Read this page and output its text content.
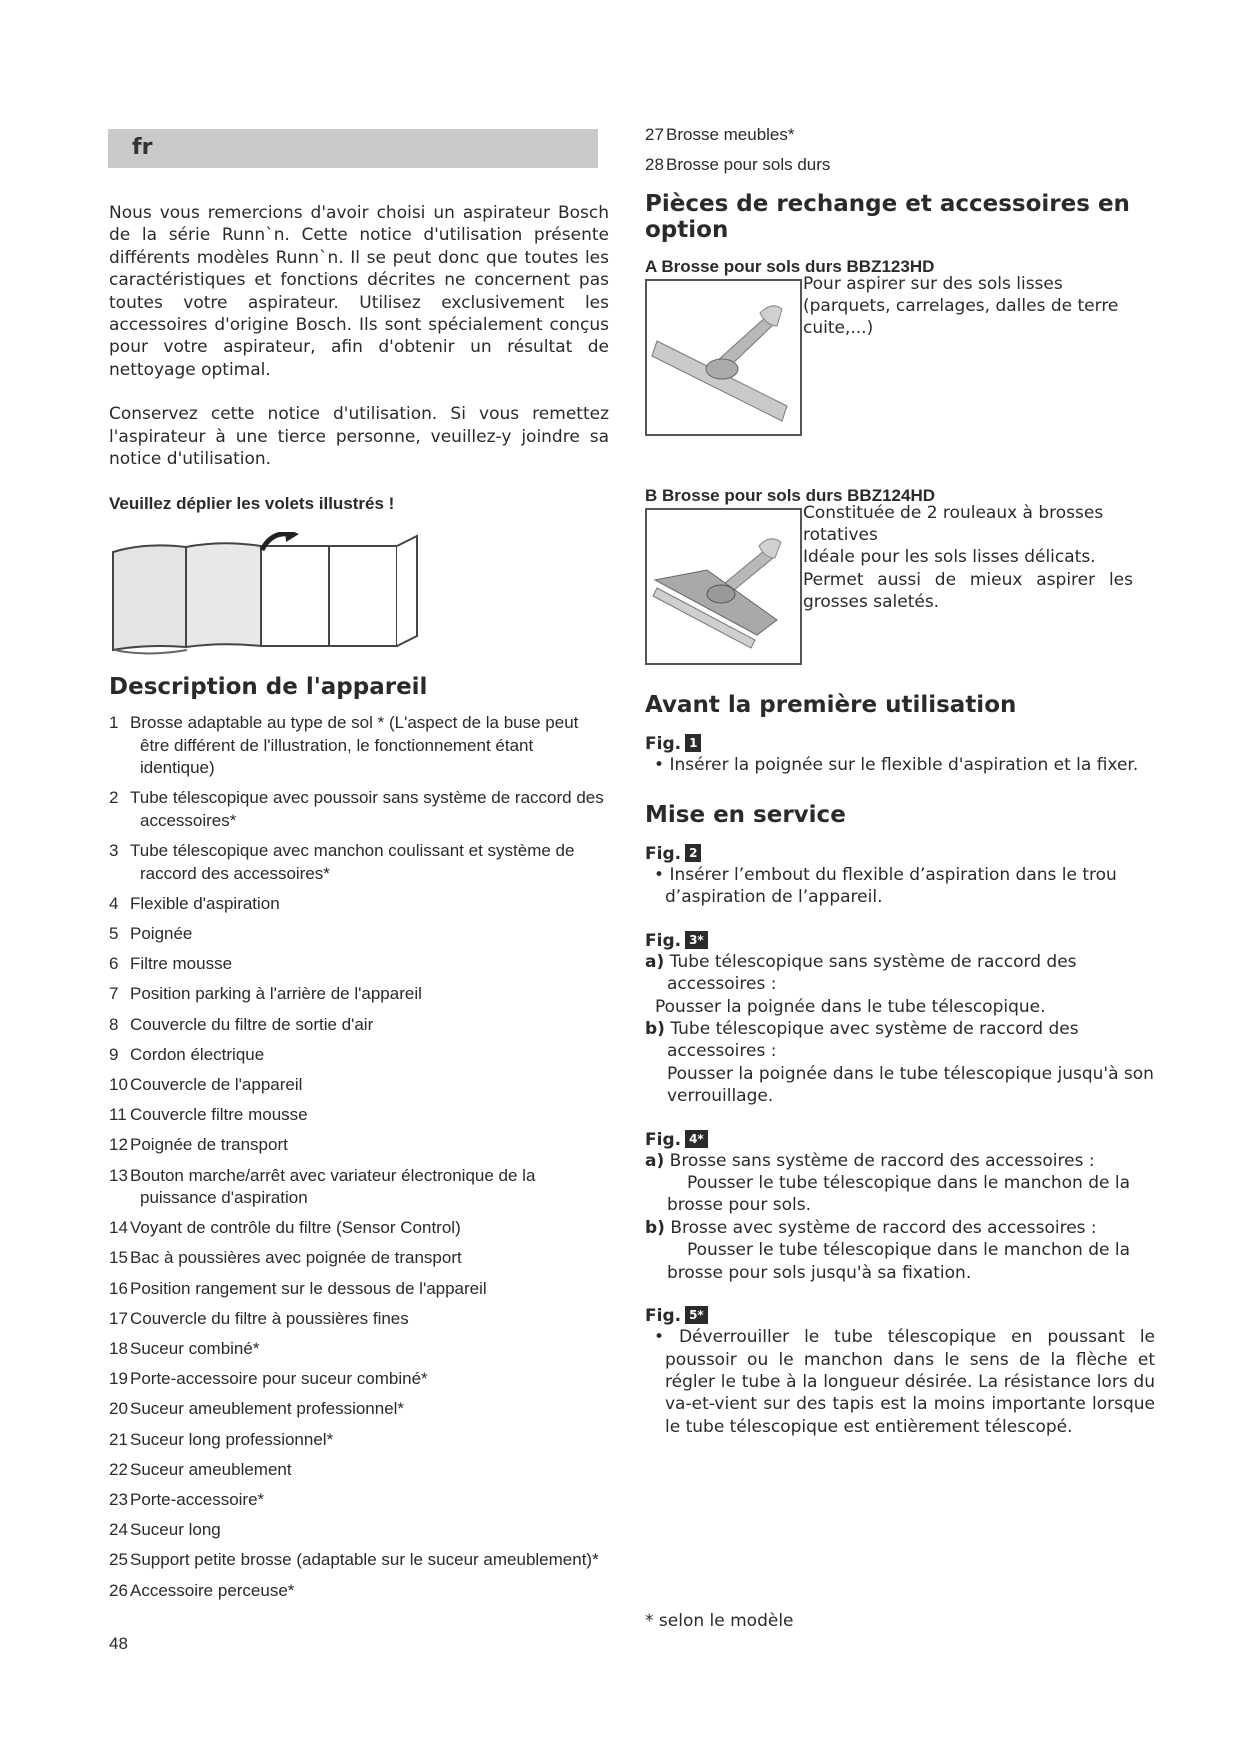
fr

Nous vous remercions d'avoir choisi un aspirateur Bosch de la série Runn`n. Cette notice d'utilisation présente différents modèles Runn`n. Il se peut donc que toutes les caractéristiques et fonctions décrites ne concernent pas toutes votre aspirateur. Utilisez exclusivement les accessoires d'origine Bosch. Ils sont spécialement conçus pour votre aspirateur, afin d'obtenir un résultat de nettoyage optimal.

Conservez cette notice d'utilisation. Si vous remettez l'aspirateur à une tierce personne, veuillez-y joindre sa notice d'utilisation.

Veuillez déplier les volets illustrés !

Description de l'appareil
1 Brosse adaptable au type de sol * (L'aspect de la buse peut être différent de l'illustration, le fonctionnement étant identique)
2 Tube télescopique avec poussoir sans système de raccord des accessoires*
3 Tube télescopique avec manchon coulissant et système de raccord des accessoires*
4 Flexible d'aspiration
5 Poignée
6 Filtre mousse
7 Position parking à l'arrière de l'appareil
8 Couvercle du filtre de sortie d'air
9 Cordon électrique
10 Couvercle de l'appareil
11 Couvercle filtre mousse
12 Poignée de transport
13 Bouton marche/arrêt avec variateur électronique de la puissance d'aspiration
14 Voyant de contrôle du filtre (Sensor Control)
15 Bac à poussières avec poignée de transport
16 Position rangement sur le dessous de l'appareil
17 Couvercle du filtre à poussières fines
18 Suceur combiné*
19 Porte-accessoire pour suceur combiné*
20 Suceur ameublement professionnel*
21 Suceur long professionnel*
22 Suceur ameublement
23 Porte-accessoire*
24 Suceur long
25 Support petite brosse (adaptable sur le suceur ameublement)*
26 Accessoire perceuse*
48
27 Brosse meubles*
28 Brosse pour sols durs
Pièces de rechange et accessoires en option
A Brosse pour sols durs BBZ123HD

Pour aspirer sur des sols lisses (parquets, carrelages, dalles de terre cuite,...)

B Brosse pour sols durs BBZ124HD

Constituée de 2 rouleaux à brosses rotatives

Idéale pour les sols lisses délicats.

Permet aussi de mieux aspirer les grosses saletés.

Avant la première utilisation
Fig. 1

• Insérer la poignée sur le flexible d'aspiration et la fixer.

Mise en service
Fig. 2

• Insérer l’embout du flexible d’aspiration dans le trou d’aspiration de l’appareil.

Fig. 3*

a) Tube télescopique sans système de raccord des accessoires :

Pousser la poignée dans le tube télescopique.

b) Tube télescopique avec système de raccord des accessoires :

Pousser la poignée dans le tube télescopique jusqu'à son verrouillage.

Fig. 4*

a) Brosse sans système de raccord des accessoires :

Pousser le tube télescopique dans le manchon de la brosse pour sols.

b) Brosse avec système de raccord des accessoires :

Pousser le tube télescopique dans le manchon de la brosse pour sols jusqu'à sa fixation.

Fig. 5*

• Déverrouiller le tube télescopique en poussant le poussoir ou le manchon dans le sens de la flèche et régler le tube à la longueur désirée. La résistance lors du va-et-vient sur des tapis est la moins importante lorsque le tube télescopique est entièrement télescopé.

* selon le modèle
